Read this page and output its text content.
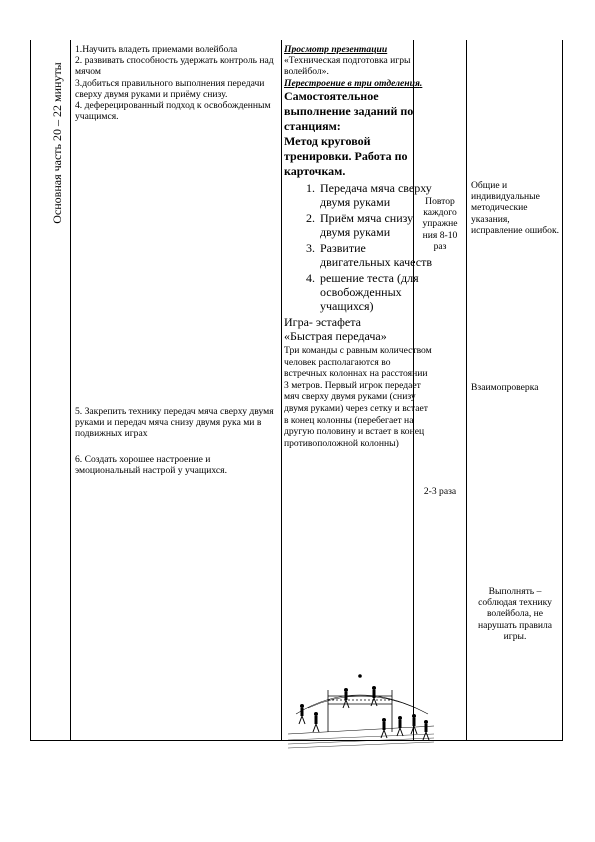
Основная часть 20 – 22 минуты

1.Научить владеть приемами волейбола

2. развивать способность удержать контроль над мячом

3.добиться правильного выполнения передачи сверху двумя руками и приёму снизу.

4. деферецированный подход к освобожденным учащимся.

5. Закрепить технику передач мяча сверху двумя руками и передач мяча снизу двумя рука ми в подвижных играх

6. Создать хорошее настроение и эмоциональный настрой у учащихся.

Просмотр презентации

«Техническая подготовка игры волейбол».

Перестроение в три отделения.

Самостоятельное выполнение заданий по станциям:

Метод круговой тренировки. Работа по карточкам.

1. Передача мяча сверху двумя руками
2. Приём мяча снизу двумя руками
3. Развитие двигательных качеств
4. решение теста (для освобожденных учащихся)

Игра- эстафета

«Быстрая передача»

Три команды с равным количеством человек располагаются во встречных колоннах на расстоянии 3 метров. Первый игрок передает мяч сверху двумя руками (снизу двумя руками) через сетку и встает в конец колонны (перебегает на другую половину и встает в конец противоположной колонны)

Повтор каждого упражне ния 8-10 раз
2-3 раза
Общие и индивидуальные методические указания, исправление ошибок.
Взаимопроверка
Выполнять – соблюдая технику волейбола, не нарушать правила игры.
